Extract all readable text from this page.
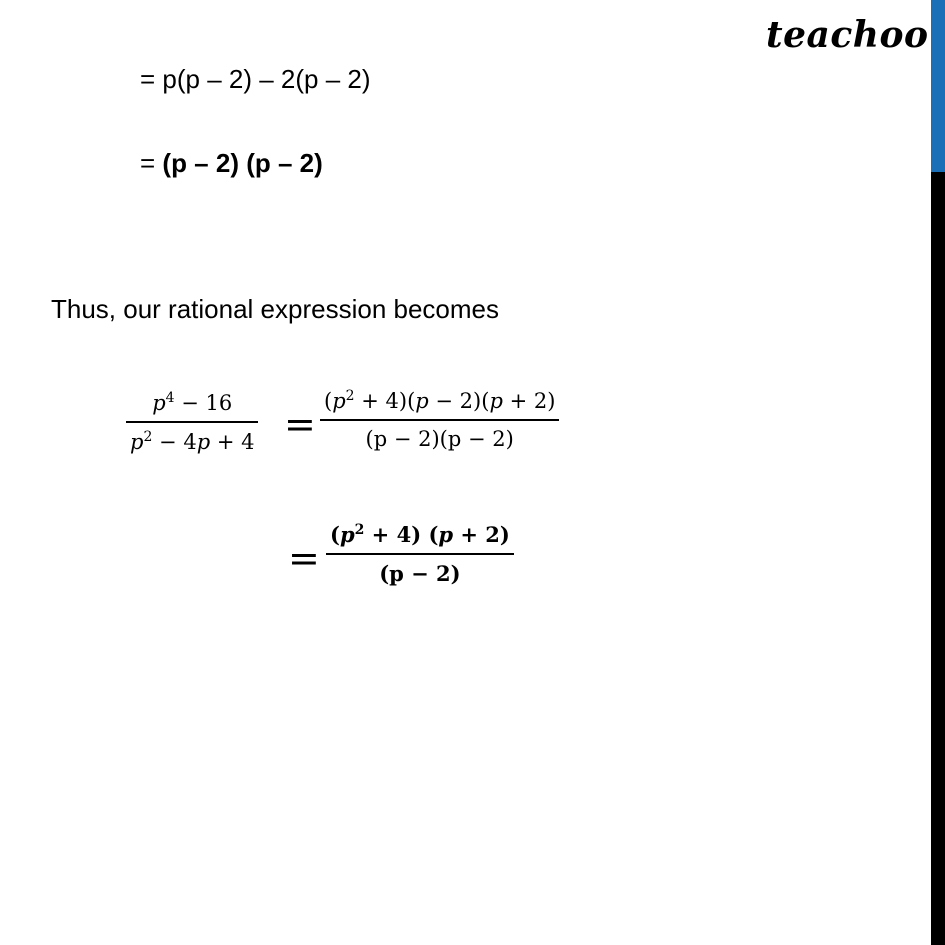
teachoo
= p(p – 2) – 2(p – 2)
= (p – 2) (p – 2)
Thus, our rational expression becomes
$p^4 - 16$
$p^2 - 4p + 4$ =
$(p^2 + 4)(p - 2)(p + 2)$
(p − 2)(p − 2)
=
$(p^2 + 4) (p + 2)$
(p − 2)
